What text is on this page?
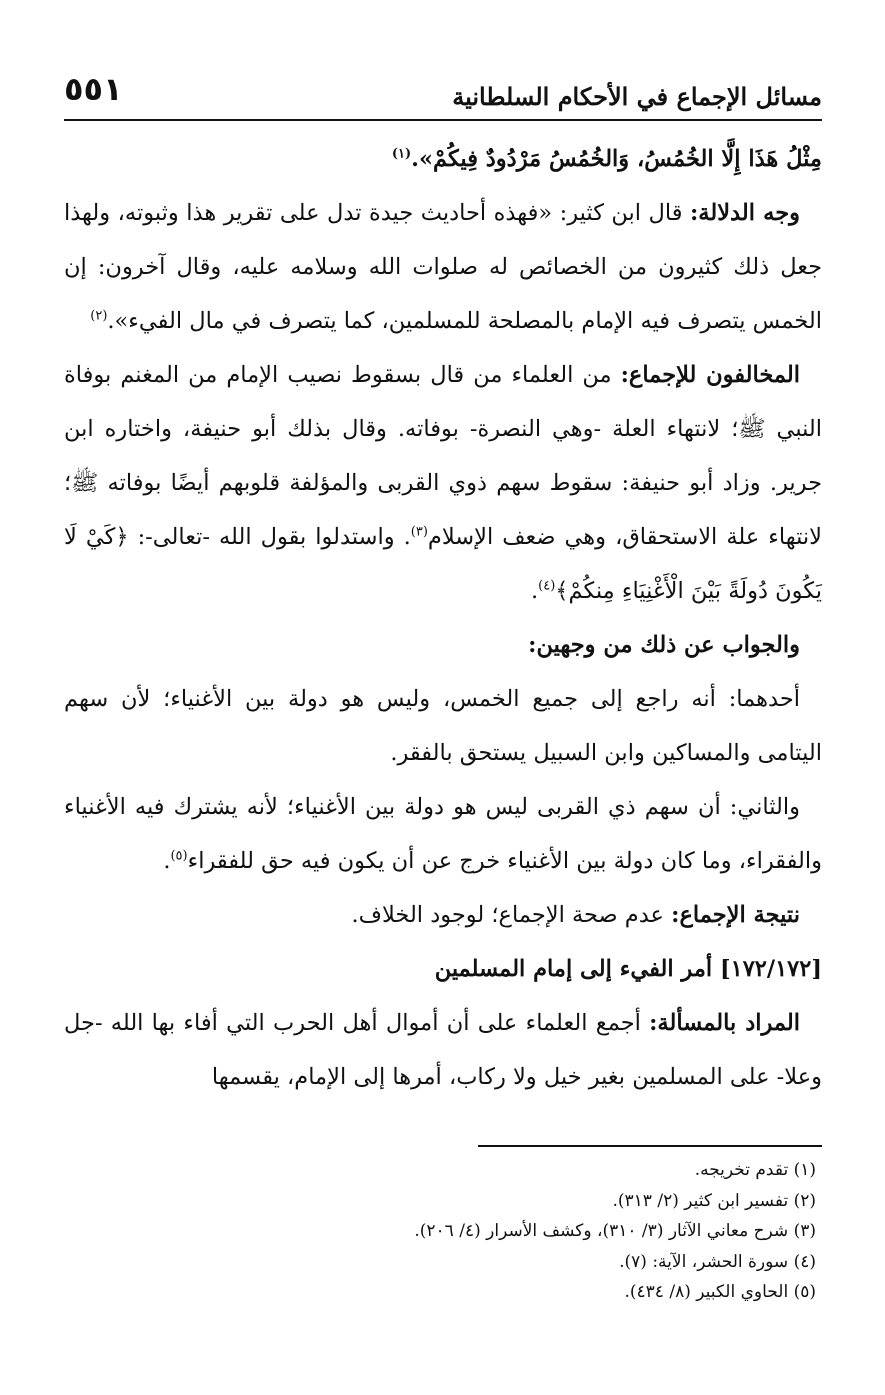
مسائل الإجماع في الأحكام السلطانية
٥٥١

مِثْلُ هَذَا إِلَّا الخُمُسُ، وَالخُمُسُ مَرْدُودٌ فِيكُمْ».$^{(١)}$

وجه الدلالة: قال ابن كثير: «فهذه أحاديث جيدة تدل على تقرير هذا وثبوته، ولهذا جعل ذلك كثيرون من الخصائص له صلوات الله وسلامه عليه، وقال آخرون: إن الخمس يتصرف فيه الإمام بالمصلحة للمسلمين، كما يتصرف في مال الفيء».$^{(٢)}$

المخالفون للإجماع: من العلماء من قال بسقوط نصيب الإمام من المغنم بوفاة النبي ﷺ؛ لانتهاء العلة -وهي النصرة- بوفاته. وقال بذلك أبو حنيفة، واختاره ابن جرير. وزاد أبو حنيفة: سقوط سهم ذوي القربى والمؤلفة قلوبهم أيضًا بوفاته ﷺ؛ لانتهاء علة الاستحقاق، وهي ضعف الإسلام$^{(٣)}$. واستدلوا بقول الله -تعالى-: ﴿كَيْ لَا يَكُونَ دُولَةً بَيْنَ الْأَغْنِيَاءِ مِنكُمْ﴾$^{(٤)}$.

والجواب عن ذلك من وجهين:

أحدهما: أنه راجع إلى جميع الخمس، وليس هو دولة بين الأغنياء؛ لأن سهم اليتامى والمساكين وابن السبيل يستحق بالفقر.

والثاني: أن سهم ذي القربى ليس هو دولة بين الأغنياء؛ لأنه يشترك فيه الأغنياء والفقراء، وما كان دولة بين الأغنياء خرج عن أن يكون فيه حق للفقراء$^{(٥)}$.

نتيجة الإجماع: عدم صحة الإجماع؛ لوجود الخلاف.

[١٧٢/١٧٢] أمر الفيء إلى إمام المسلمين

المراد بالمسألة: أجمع العلماء على أن أموال أهل الحرب التي أفاء بها الله -جل وعلا- على المسلمين بغير خيل ولا ركاب، أمرها إلى الإمام، يقسمها

(١) تقدم تخريجه.
(٢) تفسير ابن كثير (٢/ ٣١٣).
(٣) شرح معاني الآثار (٣/ ٣١٠)، وكشف الأسرار (٤/ ٢٠٦).
(٤) سورة الحشر، الآية: (٧).
(٥) الحاوي الكبير (٨/ ٤٣٤).
